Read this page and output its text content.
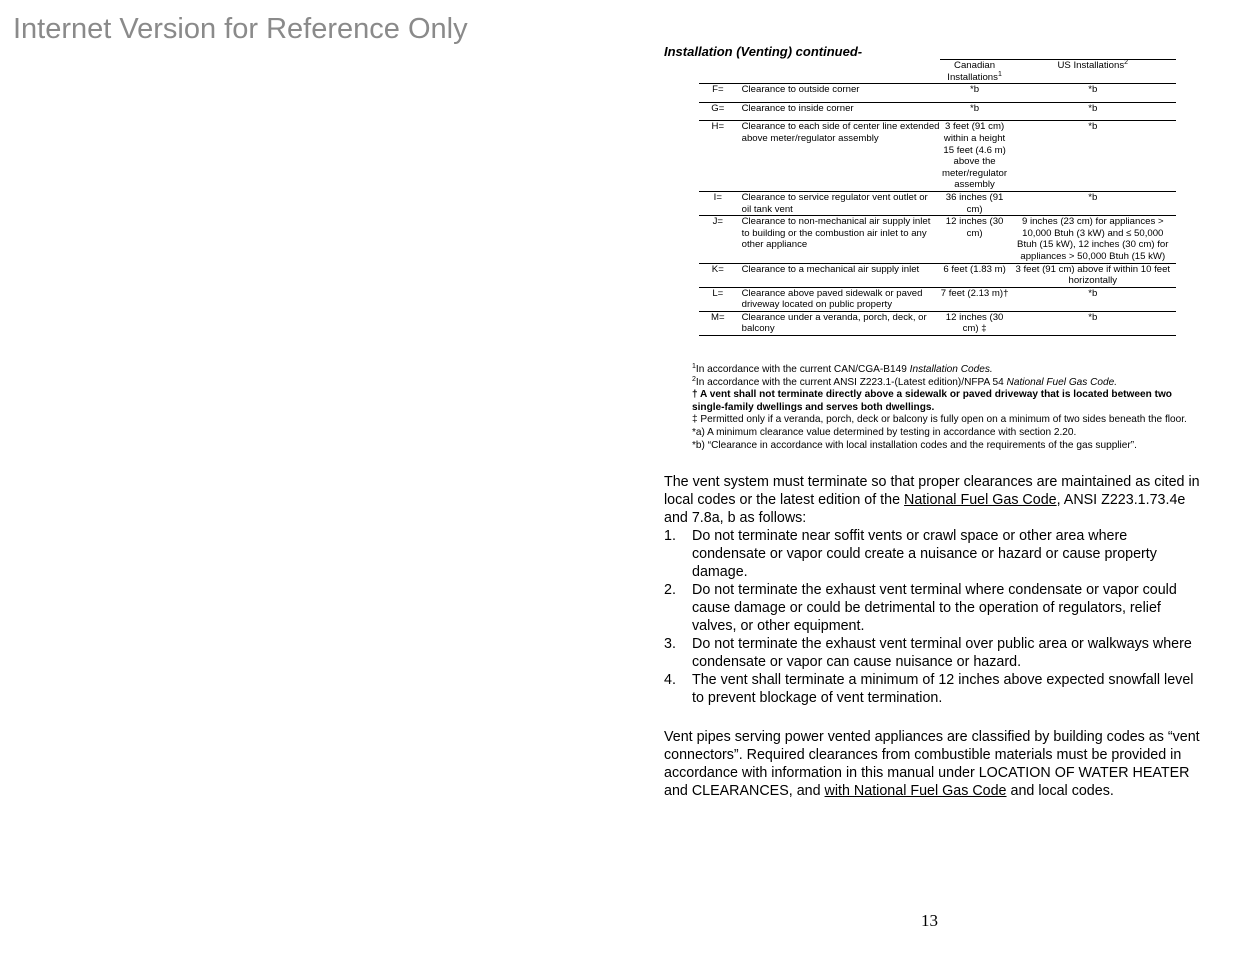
Internet Version for Reference Only
Installation (Venting) continued-
		Canadian Installations$^1$	US Installations$^2$
F=	Clearance to outside corner	*b	*b
G=	Clearance to inside corner	*b	*b
H=	Clearance to each side of center line extended above meter/regulator assembly	3 feet (91 cm) within a height 15 feet (4.6 m) above the meter/regulator assembly	*b
I=	Clearance to service regulator vent outlet or oil tank vent	36 inches (91 cm)	*b
J=	Clearance to non-mechanical air supply inlet to building or the combustion air inlet to any other appliance	12 inches (30 cm)	9 inches (23 cm) for appliances > 10,000 Btuh (3 kW) and ≤ 50,000 Btuh (15 kW), 12 inches (30 cm) for appliances > 50,000 Btuh (15 kW)
K=	Clearance to a mechanical air supply inlet	6 feet (1.83 m)	3 feet (91 cm) above if within 10 feet horizontally
L=	Clearance above paved sidewalk or paved driveway located on public property	7 feet (2.13 m)†	*b
M=	Clearance under a veranda, porch, deck, or balcony	12 inches (30 cm) ‡	*b
$^1$In accordance with the current CAN/CGA-B149 Installation Codes.
$^2$In accordance with the current ANSI Z223.1-(Latest edition)/NFPA 54 National Fuel Gas Code.
† A vent shall not terminate directly above a sidewalk or paved driveway that is located between two single-family dwellings and serves both dwellings.
‡ Permitted only if a veranda, porch, deck or balcony is fully open on a minimum of two sides beneath the floor.
*a) A minimum clearance value determined by testing in accordance with section 2.20.
*b) “Clearance in accordance with local installation codes and the requirements of the gas supplier”.
The vent system must terminate so that proper clearances are maintained as cited in local codes or the latest edition of the National Fuel Gas Code, ANSI Z223.1.73.4e and 7.8a, b as follows:
1. Do not terminate near soffit vents or crawl space or other area where condensate or vapor could create a nuisance or hazard or cause property damage.
2. Do not terminate the exhaust vent terminal where condensate or vapor could cause damage or could be detrimental to the operation of regulators, relief valves, or other equipment.
3. Do not terminate the exhaust vent terminal over public area or walkways where condensate or vapor can cause nuisance or hazard.
4. The vent shall terminate a minimum of 12 inches above expected snowfall level to prevent blockage of vent termination.
Vent pipes serving power vented appliances are classified by building codes as “vent connectors”. Required clearances from combustible materials must be provided in accordance with information in this manual under LOCATION OF WATER HEATER and CLEARANCES, and with National Fuel Gas Code and local codes.
13
